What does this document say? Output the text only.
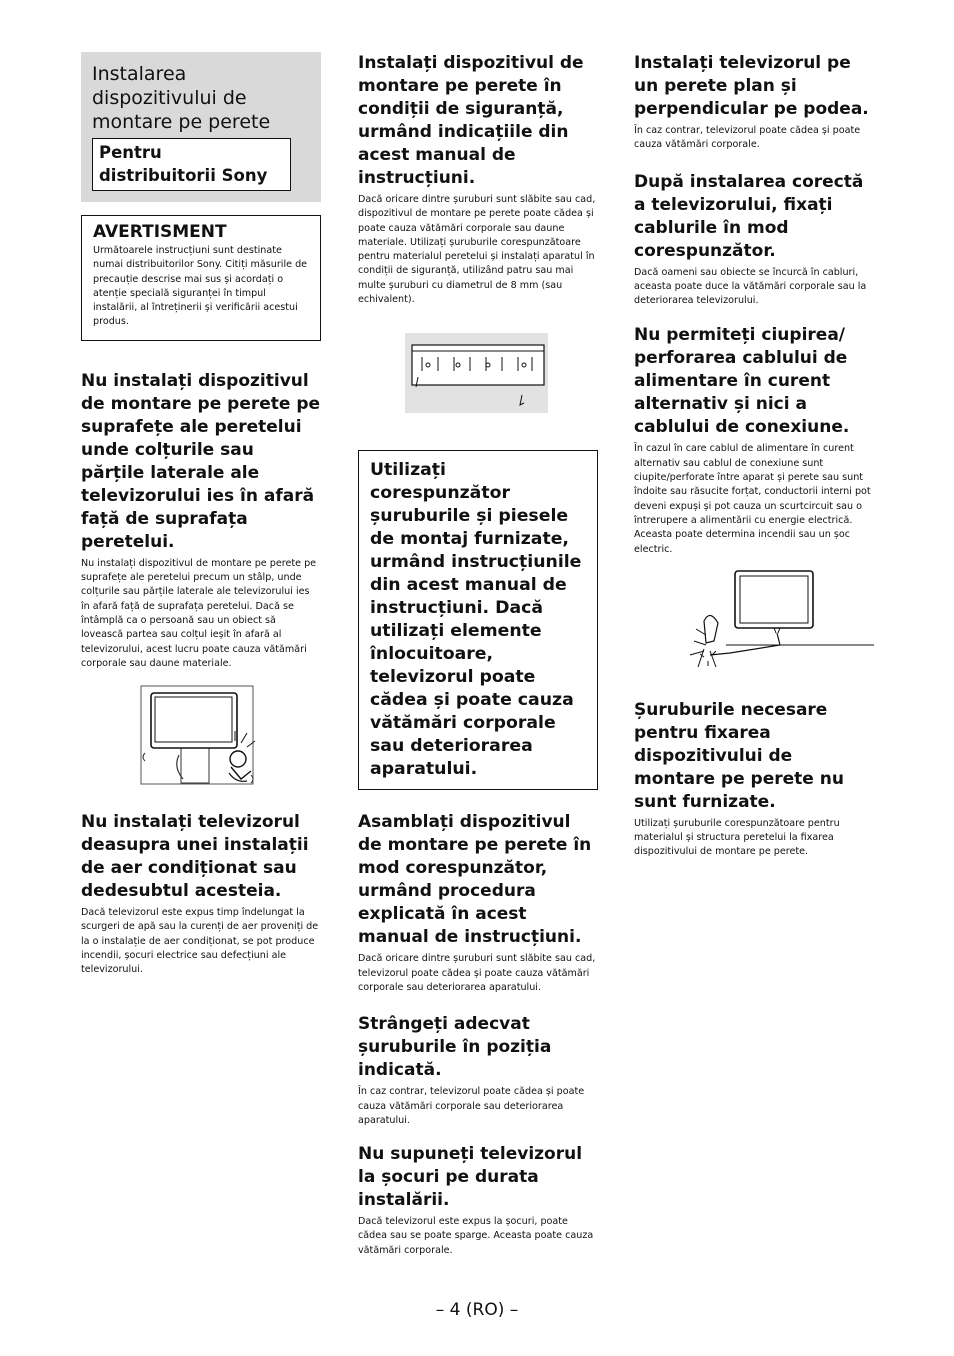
Instalarea dispozitivului de montare pe perete
Pentru distribuitorii Sony
AVERTISMENT

Următoarele instrucțiuni sunt destinate numai distribuitorilor Sony. Citiți măsurile de precauție descrise mai sus și acordați o atenție specială siguranței în timpul instalării, al întreținerii și verificării acestui produs.

Nu instalați dispozitivul de montare pe perete pe suprafețe ale peretelui unde colțurile sau părțile laterale ale televizorului ies în afară față de suprafața peretelui.

Nu instalați dispozitivul de montare pe perete pe suprafețe ale peretelui precum un stâlp, unde colțurile sau părțile laterale ale televizorului ies în afară față de suprafața peretelui. Dacă se întâmplă ca o persoană sau un obiect să lovească partea sau colțul ieșit în afară al televizorului, acest lucru poate cauza vătămări corporale sau daune materiale.

Nu instalați televizorul deasupra unei instalații de aer condiționat sau dedesubtul acesteia.

Dacă televizorul este expus timp îndelungat la scurgeri de apă sau la curenți de aer proveniți de la o instalație de aer condiționat, se pot produce incendii, șocuri electrice sau defecțiuni ale televizorului.

Instalați dispozitivul de montare pe perete în condiții de siguranță, urmând indicațiile din acest manual de instrucțiuni.

Dacă oricare dintre șuruburi sunt slăbite sau cad, dispozitivul de montare pe perete poate cădea și poate cauza vătămări corporale sau daune materiale. Utilizați șuruburile corespunzătoare pentru materialul peretelui și instalați aparatul în condiții de siguranță, utilizând patru sau mai multe șuruburi cu diametrul de 8 mm (sau echivalent).

Utilizați corespunzător șuruburile și piesele de montaj furnizate, urmând instrucțiunile din acest manual de instrucțiuni. Dacă utilizați elemente înlocuitoare, televizorul poate cădea și poate cauza vătămări corporale sau deteriorarea aparatului.
Asamblați dispozitivul de montare pe perete în mod corespunzător, urmând procedura explicată în acest manual de instrucțiuni.

Dacă oricare dintre șuruburi sunt slăbite sau cad, televizorul poate cădea și poate cauza vătămări corporale sau deteriorarea aparatului.

Strângeți adecvat șuruburile în poziția indicată.

În caz contrar, televizorul poate cădea și poate cauza vătămări corporale sau deteriorarea aparatului.

Nu supuneți televizorul la șocuri pe durata instalării.

Dacă televizorul este expus la șocuri, poate cădea sau se poate sparge. Aceasta poate cauza vătămări corporale.

Instalați televizorul pe un perete plan și perpendicular pe podea.

În caz contrar, televizorul poate cădea și poate cauza vătămări corporale.

După instalarea corectă a televizorului, fixați cablurile în mod corespunzător.

Dacă oameni sau obiecte se încurcă în cabluri, aceasta poate duce la vătămări corporale sau la deteriorarea televizorului.

Nu permiteți ciupirea/ perforarea cablului de alimentare în curent alternativ și nici a cablului de conexiune.

În cazul în care cablul de alimentare în curent alternativ sau cablul de conexiune sunt ciupite/perforate între aparat și perete sau sunt îndoite sau răsucite forțat, conductorii interni pot deveni expuși și pot cauza un scurtcircuit sau o întrerupere a alimentării cu energie electrică. Aceasta poate determina incendii sau un șoc electric.

Șuruburile necesare pentru fixarea dispozitivului de montare pe perete nu sunt furnizate.

Utilizați șuruburile corespunzătoare pentru materialul și structura peretelui la fixarea dispozitivului de montare pe perete.

– 4 (RO) –
